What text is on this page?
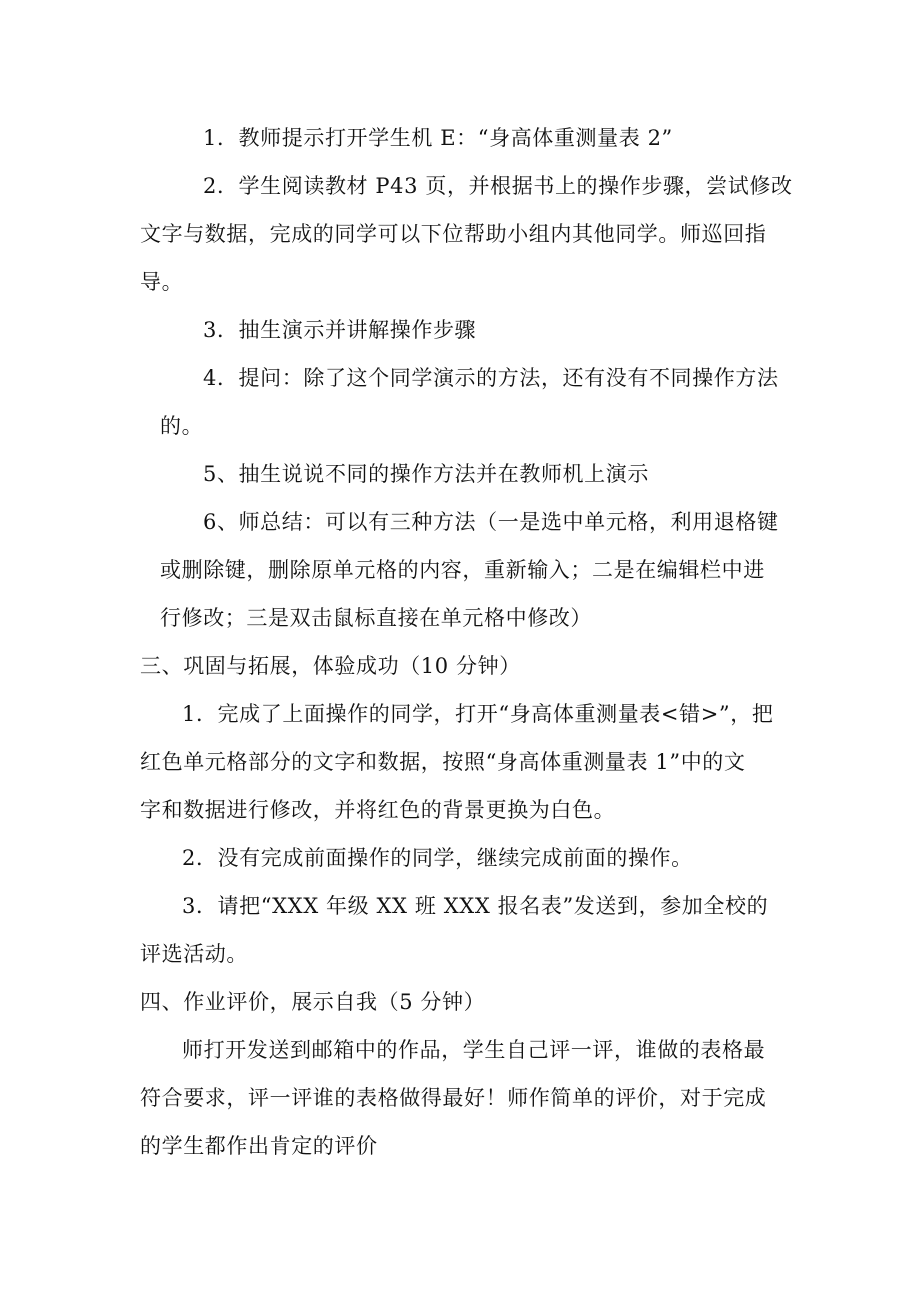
1．教师提示打开学生机 E：“身高体重测量表 2”
2．学生阅读教材 P43 页，并根据书上的操作步骤，尝试修改
文字与数据，完成的同学可以下位帮助小组内其他同学。师巡回指
导。
3．抽生演示并讲解操作步骤
4．提问：除了这个同学演示的方法，还有没有不同操作方法
的。
5、抽生说说不同的操作方法并在教师机上演示
6、师总结：可以有三种方法（一是选中单元格，利用退格键
或删除键，删除原单元格的内容，重新输入；二是在编辑栏中进
行修改；三是双击鼠标直接在单元格中修改）
三、巩固与拓展，体验成功（10 分钟）
1．完成了上面操作的同学，打开“身高体重测量表<错>”，把
红色单元格部分的文字和数据，按照“身高体重测量表 1”中的文
字和数据进行修改，并将红色的背景更换为白色。
2．没有完成前面操作的同学，继续完成前面的操作。
3．请把“XXX 年级 XX 班 XXX 报名表”发送到，参加全校的
评选活动。
四、作业评价，展示自我（5 分钟）
师打开发送到邮箱中的作品，学生自己评一评，谁做的表格最
符合要求，评一评谁的表格做得最好！师作简单的评价，对于完成
的学生都作出肯定的评价
